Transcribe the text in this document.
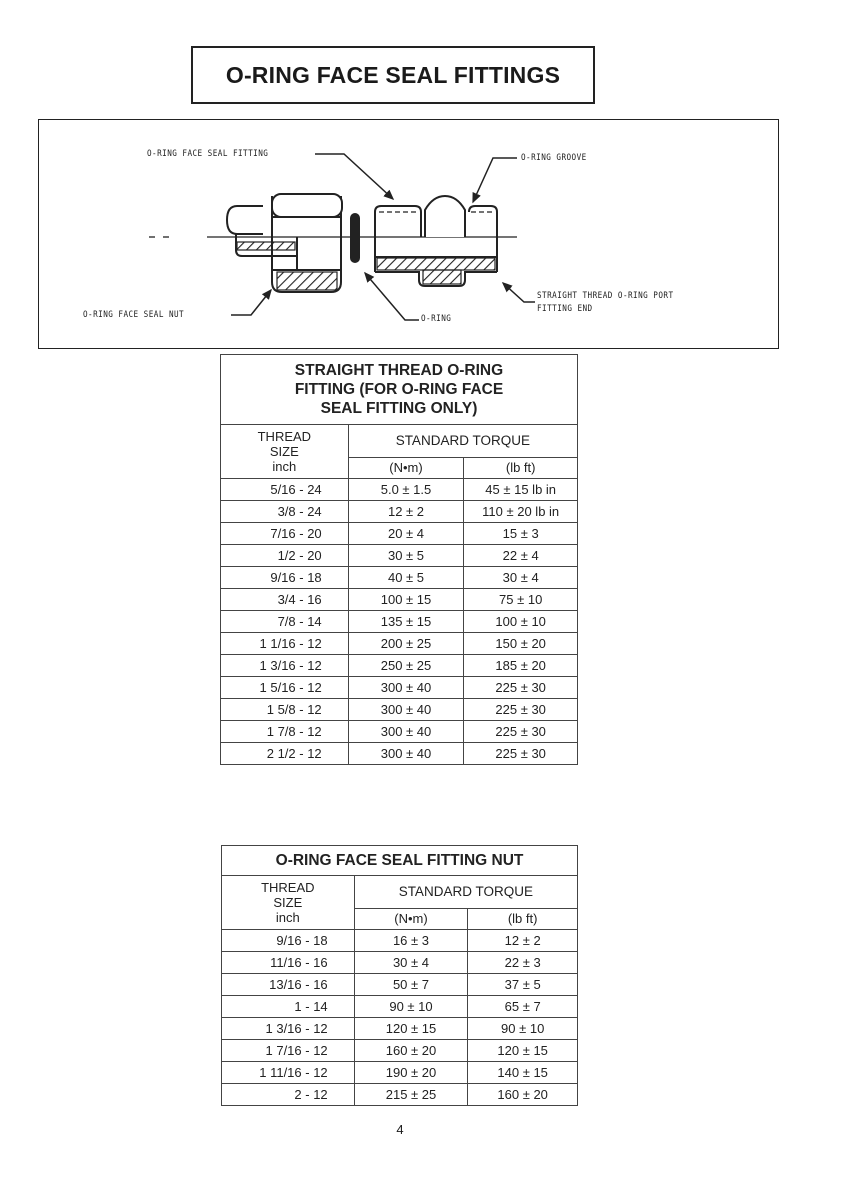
O-RING FACE SEAL FITTINGS
O-RING FACE SEAL FITTING	O-RING GROOVE
O-RING FACE SEAL NUT	O-RING
STRAIGHT THREAD O-RING PORT
FITTING END
STRAIGHT THREAD O-RING
FITTING (FOR O-RING FACE
SEAL FITTING ONLY)		

THREAD
SIZE
inch	STANDARD TORQUE	
	(N•m)	(lb ft)
5/16 - 24	5.0 ± 1.5	45 ± 15 lb in
3/8 - 24	12 ± 2	110 ± 20 lb in
7/16 - 20	20 ± 4	15 ± 3
1/2 - 20	30 ± 5	22 ± 4
9/16 - 18	40 ± 5	30 ± 4
3/4 - 16	100 ± 15	75 ± 10
7/8 - 14	135 ± 15	100 ± 10
1 1/16 - 12	200 ± 25	150 ± 20
1 3/16 - 12	250 ± 25	185 ± 20
1 5/16 - 12	300 ± 40	225 ± 30
1 5/8 - 12	300 ± 40	225 ± 30
1 7/8 - 12	300 ± 40	225 ± 30
2 1/2 - 12	300 ± 40	225 ± 30
O-RING FACE SEAL FITTING NUT		

THREAD
SIZE
inch	STANDARD TORQUE	
	(N•m)	(lb ft)
9/16 - 18	16 ± 3	12 ± 2
11/16 - 16	30 ± 4	22 ± 3
13/16 - 16	50 ± 7	37 ± 5
1 - 14	90 ± 10	65 ± 7
1 3/16 - 12	120 ± 15	90 ± 10
1 7/16 - 12	160 ± 20	120 ± 15
1 11/16 - 12	190 ± 20	140 ± 15
2 - 12	215 ± 25	160 ± 20
4
